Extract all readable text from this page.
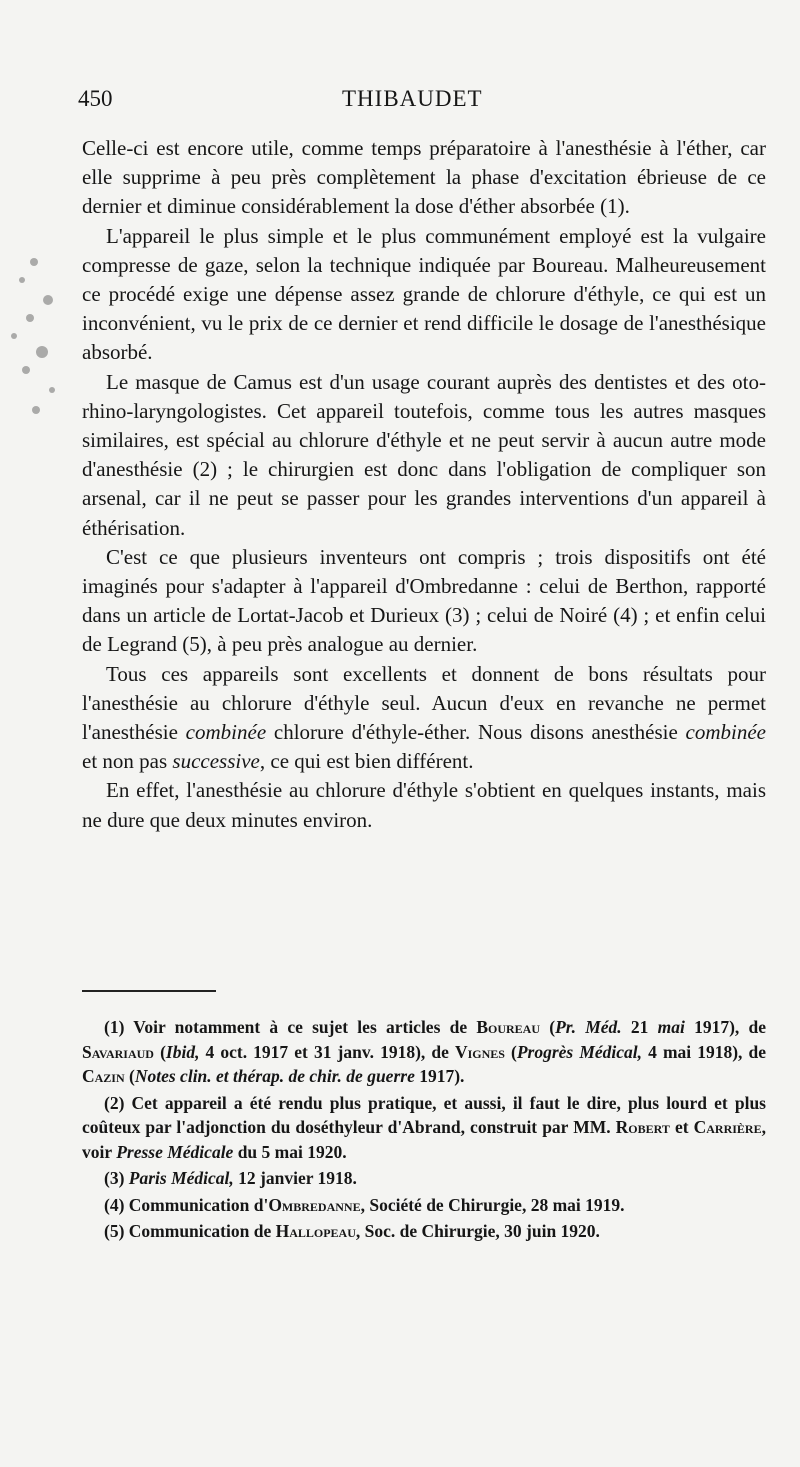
450	THIBAUDET

Celle-ci est encore utile, comme temps préparatoire à l'anesthésie à l'éther, car elle supprime à peu près complètement la phase d'excitation ébrieuse de ce dernier et diminue considérablement la dose d'éther absorbée (1).

L'appareil le plus simple et le plus communément employé est la vulgaire compresse de gaze, selon la technique indiquée par Boureau. Malheureusement ce procédé exige une dépense assez grande de chlorure d'éthyle, ce qui est un inconvénient, vu le prix de ce dernier et rend difficile le dosage de l'anesthésique absorbé.

Le masque de Camus est d'un usage courant auprès des dentistes et des oto-rhino-laryngologistes. Cet appareil toutefois, comme tous les autres masques similaires, est spécial au chlorure d'éthyle et ne peut servir à aucun autre mode d'anesthésie (2) ; le chirurgien est donc dans l'obligation de compliquer son arsenal, car il ne peut se passer pour les grandes interventions d'un appareil à éthérisation.

C'est ce que plusieurs inventeurs ont compris ; trois dispositifs ont été imaginés pour s'adapter à l'appareil d'Ombredanne : celui de Berthon, rapporté dans un article de Lortat-Jacob et Durieux (3) ; celui de Noiré (4) ; et enfin celui de Legrand (5), à peu près analogue au dernier.

Tous ces appareils sont excellents et donnent de bons résultats pour l'anesthésie au chlorure d'éthyle seul. Aucun d'eux en revanche ne permet l'anesthésie combinée chlorure d'éthyle-éther. Nous disons anesthésie combinée et non pas successive, ce qui est bien différent.

En effet, l'anesthésie au chlorure d'éthyle s'obtient en quelques instants, mais ne dure que deux minutes environ.

(1) Voir notamment à ce sujet les articles de Boureau (Pr. Méd. 21 mai 1917), de Savariaud (Ibid, 4 oct. 1917 et 31 janv. 1918), de Vignes (Progrès Médical, 4 mai 1918), de Cazin (Notes clin. et thérap. de chir. de guerre 1917).

(2) Cet appareil a été rendu plus pratique, et aussi, il faut le dire, plus lourd et plus coûteux par l'adjonction du doséthyleur d'Abrand, construit par MM. Robert et Carrière, voir Presse Médicale du 5 mai 1920.

(3) Paris Médical, 12 janvier 1918.

(4) Communication d'Ombredanne, Société de Chirurgie, 28 mai 1919.

(5) Communication de Hallopeau, Soc. de Chirurgie, 30 juin 1920.
